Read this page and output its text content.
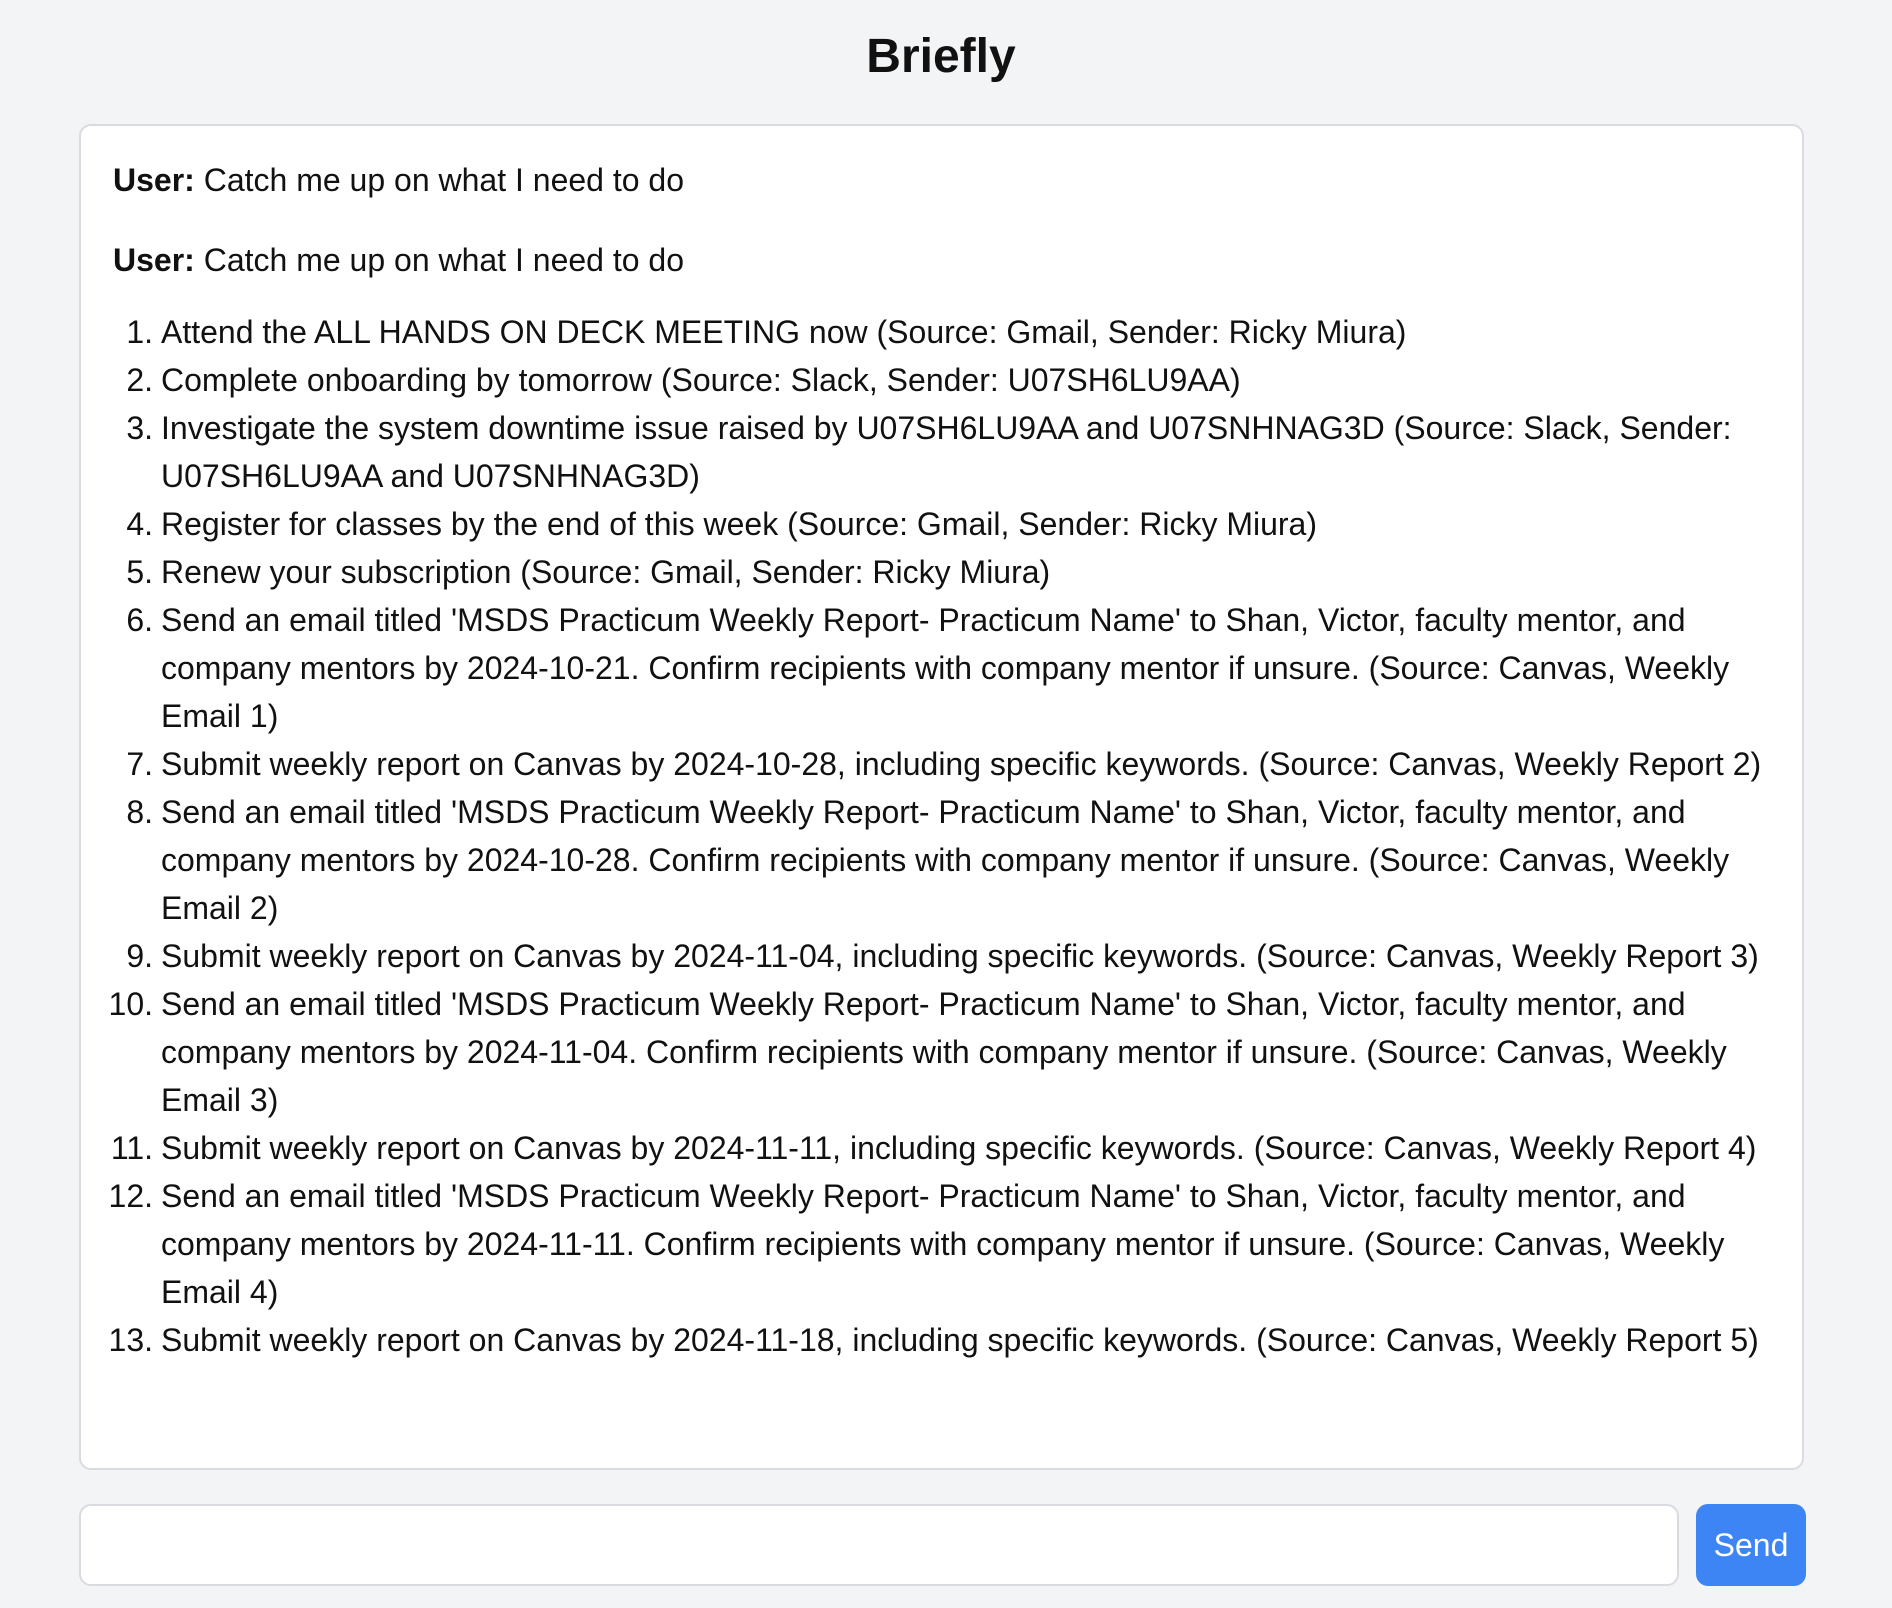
Briefly

User: Catch me up on what I need to do

User: Catch me up on what I need to do

1. Attend the ALL HANDS ON DECK MEETING now (Source: Gmail, Sender: Ricky Miura)
2. Complete onboarding by tomorrow (Source: Slack, Sender: U07SH6LU9AA)
3. Investigate the system downtime issue raised by U07SH6LU9AA and U07SNHNAG3D (Source: Slack, Sender: U07SH6LU9AA and U07SNHNAG3D)
4. Register for classes by the end of this week (Source: Gmail, Sender: Ricky Miura)
5. Renew your subscription (Source: Gmail, Sender: Ricky Miura)
6. Send an email titled 'MSDS Practicum Weekly Report- Practicum Name' to Shan, Victor, faculty mentor, and company mentors by 2024-10-21. Confirm recipients with company mentor if unsure. (Source: Canvas, Weekly Email 1)
7. Submit weekly report on Canvas by 2024-10-28, including specific keywords. (Source: Canvas, Weekly Report 2)
8. Send an email titled 'MSDS Practicum Weekly Report- Practicum Name' to Shan, Victor, faculty mentor, and company mentors by 2024-10-28. Confirm recipients with company mentor if unsure. (Source: Canvas, Weekly Email 2)
9. Submit weekly report on Canvas by 2024-11-04, including specific keywords. (Source: Canvas, Weekly Report 3)
10. Send an email titled 'MSDS Practicum Weekly Report- Practicum Name' to Shan, Victor, faculty mentor, and company mentors by 2024-11-04. Confirm recipients with company mentor if unsure. (Source: Canvas, Weekly Email 3)
11. Submit weekly report on Canvas by 2024-11-11, including specific keywords. (Source: Canvas, Weekly Report 4)
12. Send an email titled 'MSDS Practicum Weekly Report- Practicum Name' to Shan, Victor, faculty mentor, and company mentors by 2024-11-11. Confirm recipients with company mentor if unsure. (Source: Canvas, Weekly Email 4)
13. Submit weekly report on Canvas by 2024-11-18, including specific keywords. (Source: Canvas, Weekly Report 5)
Send
